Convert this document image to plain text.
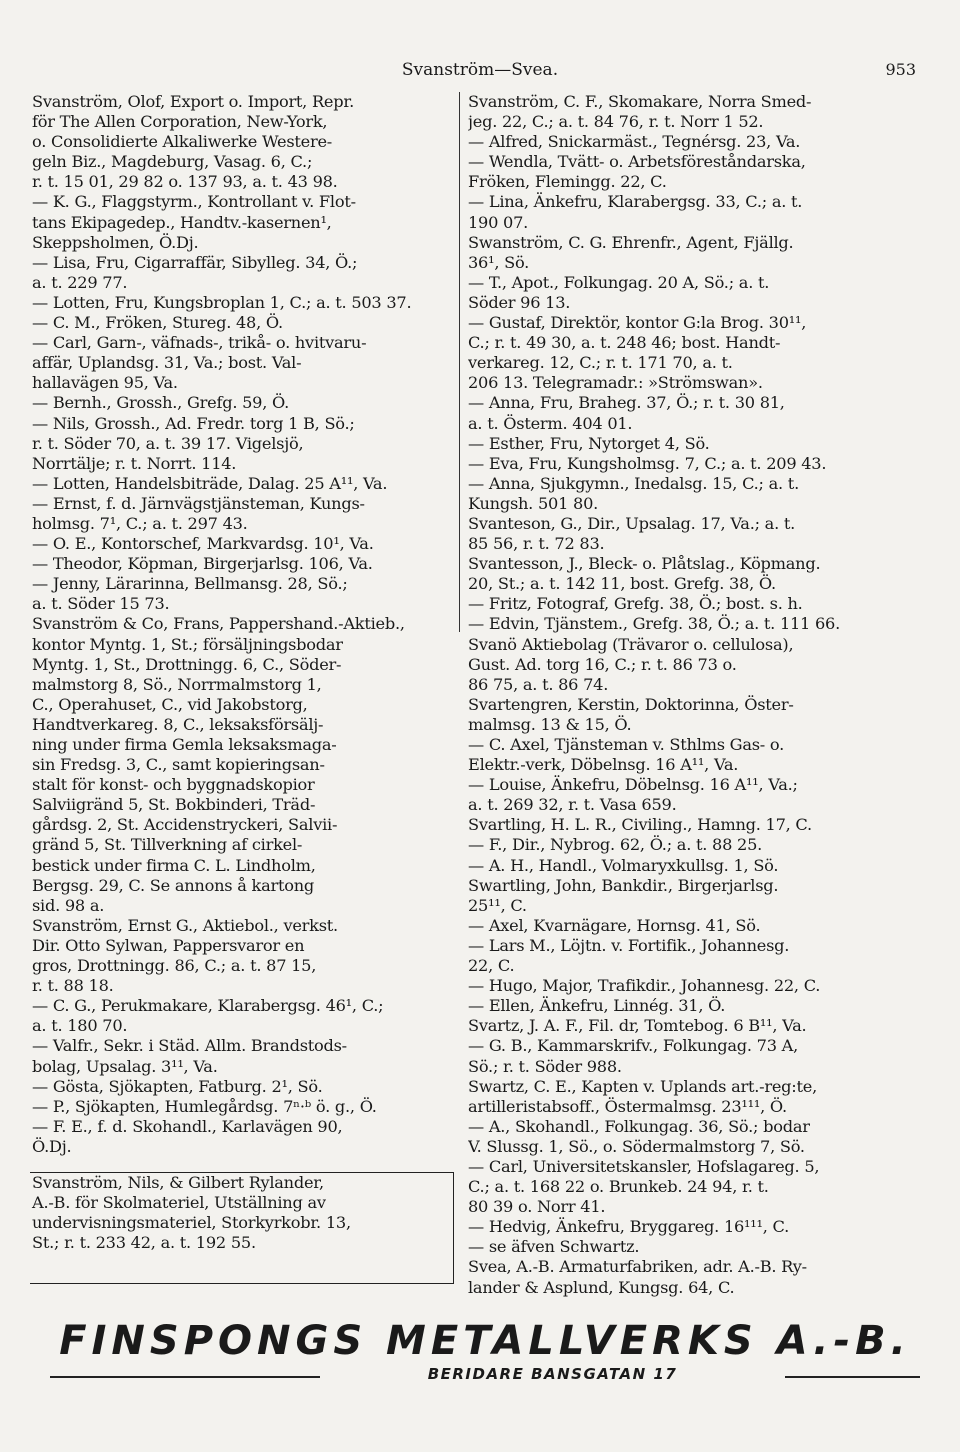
Svanström—Svea.	953
Svanström, Olof, Export o. Import, Repr.
för The Allen Corporation, New-York,
o. Consolidierte Alkaliwerke Westere-
geln Biz., Magdeburg, Vasag. 6, C.;
r. t. 15 01, 29 82 o. 137 93, a. t. 43 98.
— K. G., Flaggstyrm., Kontrollant v. Flot-
tans Ekipagedep., Handtv.-kasernen¹,
Skeppsholmen, Ö.Dj.
— Lisa, Fru, Cigarraffär, Sibylleg. 34, Ö.;
a. t. 229 77.
— Lotten, Fru, Kungsbroplan 1, C.; a. t. 503 37.
— C. M., Fröken, Stureg. 48, Ö.
— Carl, Garn-, väfnads-, trikå- o. hvitvaru-
affär, Uplandsg. 31, Va.; bost. Val-
hallavägen 95, Va.
— Bernh., Grossh., Grefg. 59, Ö.
— Nils, Grossh., Ad. Fredr. torg 1 B, Sö.;
r. t. Söder 70, a. t. 39 17. Vigelsjö,
Norrtälje; r. t. Norrt. 114.
— Lotten, Handelsbiträde, Dalag. 25 A¹¹, Va.
— Ernst, f. d. Järnvägstjänsteman, Kungs-
holmsg. 7¹, C.; a. t. 297 43.
— O. E., Kontorschef, Markvardsg. 10¹, Va.
— Theodor, Köpman, Birgerjarlsg. 106, Va.
— Jenny, Lärarinna, Bellmansg. 28, Sö.;
a. t. Söder 15 73.
Svanström & Co, Frans, Pappershand.-Aktieb.,
kontor Myntg. 1, St.; försäljningsbodar
Myntg. 1, St., Drottningg. 6, C., Söder-
malmstorg 8, Sö., Norrmalmstorg 1,
C., Operahuset, C., vid Jakobstorg,
Handtverkareg. 8, C., leksaksförsälj-
ning under firma Gemla leksaksmaga-
sin Fredsg. 3, C., samt kopieringsan-
stalt för konst- och byggnadskopior
Salviigränd 5, St. Bokbinderi, Träd-
gårdsg. 2, St. Accidenstryckeri, Salvii-
gränd 5, St. Tillverkning af cirkel-
bestick under firma C. L. Lindholm,
Bergsg. 29, C. Se annons å kartong
sid. 98 a.
Svanström, Ernst G., Aktiebol., verkst.
Dir. Otto Sylwan, Pappersvaror en
gros, Drottningg. 86, C.; a. t. 87 15,
r. t. 88 18.
— C. G., Perukmakare, Klarabergsg. 46¹, C.;
a. t. 180 70.
— Valfr., Sekr. i Städ. Allm. Brandstods-
bolag, Upsalag. 3¹¹, Va.
— Gösta, Sjökapten, Fatburg. 2¹, Sö.
— P., Sjökapten, Humlegårdsg. 7ⁿ·ᵇ ö. g., Ö.
— F. E., f. d. Skohandl., Karlavägen 90,
Ö.Dj.
Svanström, C. F., Skomakare, Norra Smed-
jeg. 22, C.; a. t. 84 76, r. t. Norr 1 52.
— Alfred, Snickarmäst., Tegnérsg. 23, Va.
— Wendla, Tvätt- o. Arbetsföreståndarska,
Fröken, Flemingg. 22, C.
— Lina, Änkefru, Klarabergsg. 33, C.; a. t.
190 07.
Swanström, C. G. Ehrenfr., Agent, Fjällg.
36¹, Sö.
— T., Apot., Folkungag. 20 A, Sö.; a. t.
Söder 96 13.
— Gustaf, Direktör, kontor G:la Brog. 30¹¹,
C.; r. t. 49 30, a. t. 248 46; bost. Handt-
verkareg. 12, C.; r. t. 171 70, a. t.
206 13. Telegramadr.: »Strömswan».
— Anna, Fru, Braheg. 37, Ö.; r. t. 30 81,
a. t. Österm. 404 01.
— Esther, Fru, Nytorget 4, Sö.
— Eva, Fru, Kungsholmsg. 7, C.; a. t. 209 43.
— Anna, Sjukgymn., Inedalsg. 15, C.; a. t.
Kungsh. 501 80.
Svanteson, G., Dir., Upsalag. 17, Va.; a. t.
85 56, r. t. 72 83.
Svantesson, J., Bleck- o. Plåtslag., Köpmang.
20, St.; a. t. 142 11, bost. Grefg. 38, Ö.
— Fritz, Fotograf, Grefg. 38, Ö.; bost. s. h.
— Edvin, Tjänstem., Grefg. 38, Ö.; a. t. 111 66.
Svanö Aktiebolag (Trävaror o. cellulosa),
Gust. Ad. torg 16, C.; r. t. 86 73 o.
86 75, a. t. 86 74.
Svartengren, Kerstin, Doktorinna, Öster-
malmsg. 13 & 15, Ö.
— C. Axel, Tjänsteman v. Sthlms Gas- o.
Elektr.-verk, Döbelnsg. 16 A¹¹, Va.
— Louise, Änkefru, Döbelnsg. 16 A¹¹, Va.;
a. t. 269 32, r. t. Vasa 659.
Svartling, H. L. R., Civiling., Hamng. 17, C.
— F., Dir., Nybrog. 62, Ö.; a. t. 88 25.
— A. H., Handl., Volmaryxkullsg. 1, Sö.
Swartling, John, Bankdir., Birgerjarlsg.
25¹¹, C.
— Axel, Kvarnägare, Hornsg. 41, Sö.
— Lars M., Löjtn. v. Fortifik., Johannesg.
22, C.
— Hugo, Major, Trafikdir., Johannesg. 22, C.
— Ellen, Änkefru, Linnég. 31, Ö.
Svartz, J. A. F., Fil. dr, Tomtebog. 6 B¹¹, Va.
— G. B., Kammarskrifv., Folkungag. 73 A,
Sö.; r. t. Söder 988.
Swartz, C. E., Kapten v. Uplands art.-reg:te,
artilleristabsoff., Östermalmsg. 23¹¹¹, Ö.
— A., Skohandl., Folkungag. 36, Sö.; bodar
V. Slussg. 1, Sö., o. Södermalmstorg 7, Sö.
— Carl, Universitetskansler, Hofslagareg. 5,
C.; a. t. 168 22 o. Brunkeb. 24 94, r. t.
80 39 o. Norr 41.
— Hedvig, Änkefru, Bryggareg. 16¹¹¹, C.
— se äfven Schwartz.
Svea, A.-B. Armaturfabriken, adr. A.-B. Ry-
lander & Asplund, Kungsg. 64, C.
Svanström, Nils, & Gilbert Rylander,
A.-B. för Skolmateriel, Utställning av
undervisningsmateriel, Storkyrkobr. 13,
St.; r. t. 233 42, a. t. 192 55.
FINSPONGS METALLVERKS A.-B.
BERIDARE BANSGATAN 17
